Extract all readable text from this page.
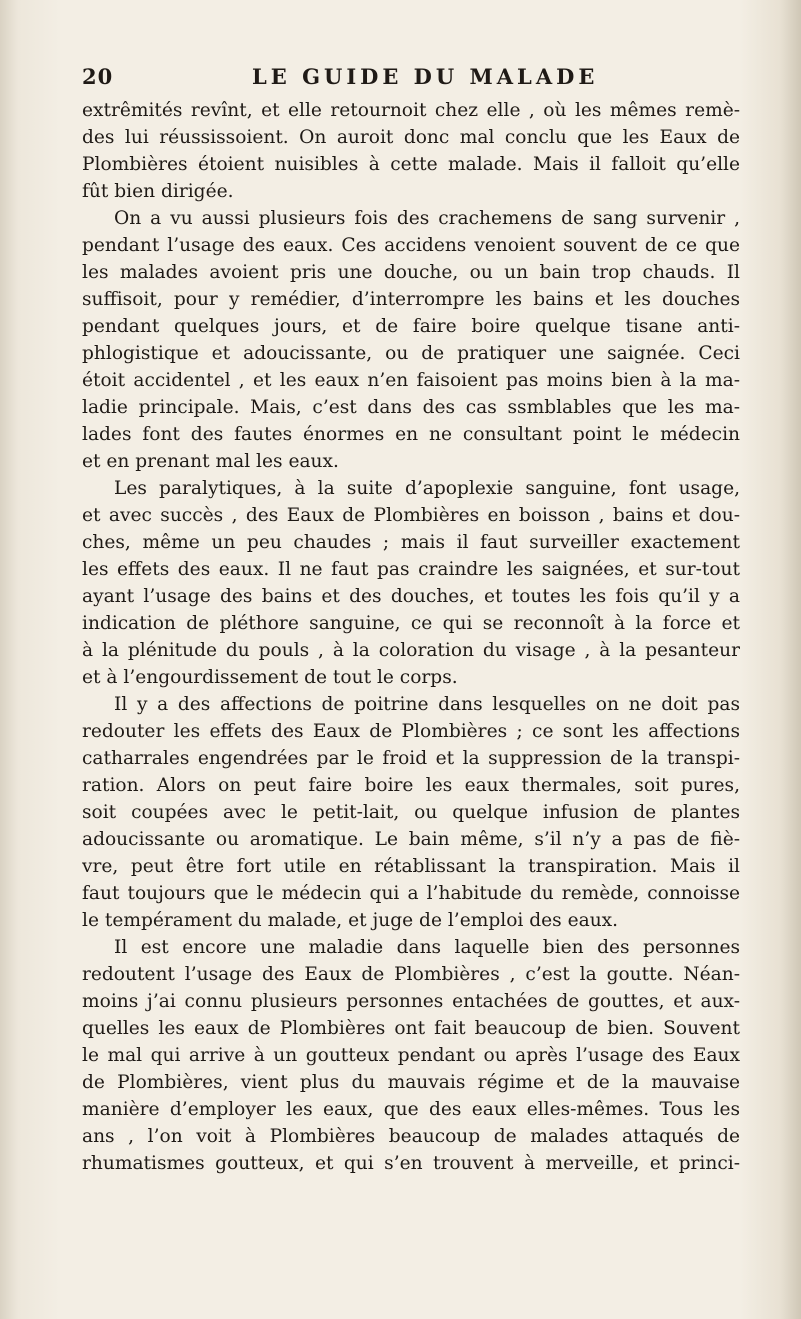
20	LE GUIDE DU MALADE
extrêmités revînt, et elle retournoit chez elle , où les mêmes remè-
des lui réussissoient. On auroit donc mal conclu que les Eaux de
Plombières étoient nuisibles à cette malade. Mais il falloit qu’elle
fût bien dirigée.
On a vu aussi plusieurs fois des crachemens de sang survenir ,
pendant l’usage des eaux. Ces accidens venoient souvent de ce que
les malades avoient pris une douche, ou un bain trop chauds. Il
suffisoit, pour y remédier, d’interrompre les bains et les douches
pendant quelques jours, et de faire boire quelque tisane anti-
phlogistique et adoucissante, ou de pratiquer une saignée. Ceci
étoit accidentel , et les eaux n’en faisoient pas moins bien à la ma-
ladie principale. Mais, c’est dans des cas ssmblables que les ma-
lades font des fautes énormes en ne consultant point le médecin
et en prenant mal les eaux.
Les paralytiques, à la suite d’apoplexie sanguine, font usage,
et avec succès , des Eaux de Plombières en boisson , bains et dou-
ches, même un peu chaudes ; mais il faut surveiller exactement
les effets des eaux. Il ne faut pas craindre les saignées, et sur-tout
ayant l’usage des bains et des douches, et toutes les fois qu’il y a
indication de pléthore sanguine, ce qui se reconnoît à la force et
à la plénitude du pouls , à la coloration du visage , à la pesanteur
et à l’engourdissement de tout le corps.
Il y a des affections de poitrine dans lesquelles on ne doit pas
redouter les effets des Eaux de Plombières ; ce sont les affections
catharrales engendrées par le froid et la suppression de la transpi-
ration. Alors on peut faire boire les eaux thermales, soit pures,
soit coupées avec le petit-lait, ou quelque infusion de plantes
adoucissante ou aromatique. Le bain même, s’il n’y a pas de fiè-
vre, peut être fort utile en rétablissant la transpiration. Mais il
faut toujours que le médecin qui a l’habitude du remède, connoisse
le tempérament du malade, et juge de l’emploi des eaux.
Il est encore une maladie dans laquelle bien des personnes
redoutent l’usage des Eaux de Plombières , c’est la goutte. Néan-
moins j’ai connu plusieurs personnes entachées de gouttes, et aux-
quelles les eaux de Plombières ont fait beaucoup de bien. Souvent
le mal qui arrive à un goutteux pendant ou après l’usage des Eaux
de Plombières, vient plus du mauvais régime et de la mauvaise
manière d’employer les eaux, que des eaux elles-mêmes. Tous les
ans , l’on voit à Plombières beaucoup de malades attaqués de
rhumatismes goutteux, et qui s’en trouvent à merveille, et princi-
